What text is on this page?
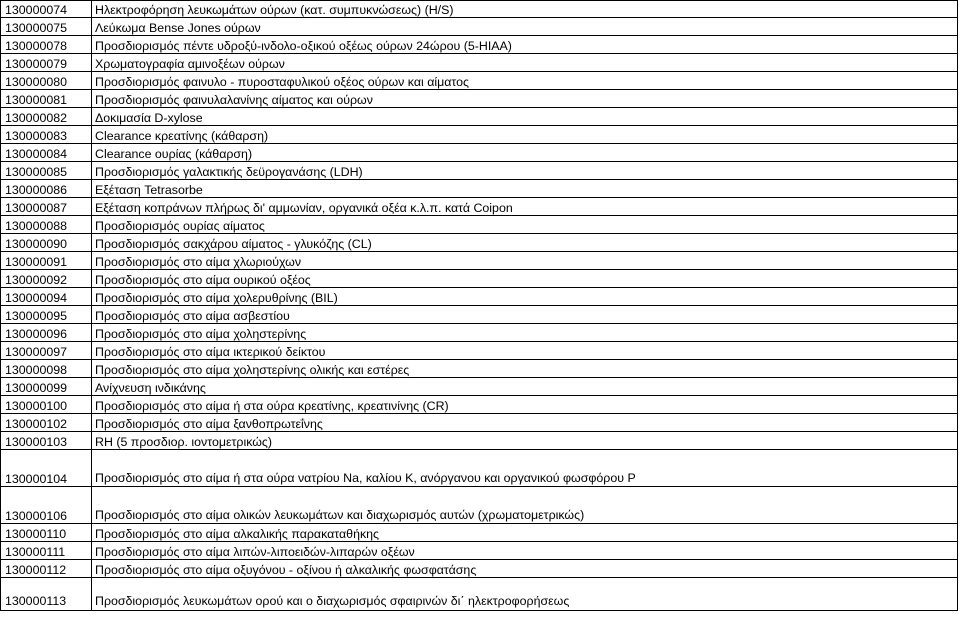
130000074	Ηλεκτροφόρηση λευκωμάτων ούρων (κατ. συμπυκνώσεως) (H/S)
130000075	Λεύκωμα Bense Jones ούρων
130000078	Προσδιορισμός πέντε υδροξύ-ινδολο-οξικού οξέως ούρων 24ώρου (5-HIAA)
130000079	Χρωματογραφία αμινοξέων ούρων
130000080	Προσδιορισμός φαινυλο - πυροσταφυλικού οξέος ούρων και αίματος
130000081	Προσδιορισμός φαινυλαλανίνης αίματος και ούρων
130000082	Δοκιμασία D-xylose
130000083	Clearance κρεατίνης (κάθαρση)
130000084	Clearance ουρίας (κάθαρση)
130000085	Προσδιορισμός γαλακτικής δεϋρογανάσης (LDH)
130000086	Εξέταση Tetrasorbe
130000087	Εξέταση κοπράνων πλήρως δι' αμμωνίαν, οργανικά οξέα κ.λ.π. κατά Coipon
130000088	Προσδιορισμός ουρίας αίματος
130000090	Προσδιορισμός σακχάρου αίματος - γλυκόζης (CL)
130000091	Προσδιορισμός στο αίμα χλωριούχων
130000092	Προσδιορισμός στο αίμα ουρικού οξέος
130000094	Προσδιορισμός στο αίμα χολερυθρίνης (BIL)
130000095	Προσδιορισμός στο αίμα ασβεστίου
130000096	Προσδιορισμός στο αίμα χοληστερίνης
130000097	Προσδιορισμός στο αίμα ικτερικού δείκτου
130000098	Προσδιορισμός στο αίμα χοληστερίνης ολικής και εστέρες
130000099	Ανίχνευση ινδικάνης
130000100	Προσδιορισμός στο αίμα ή στα ούρα κρεατίνης, κρεατινίνης (CR)
130000102	Προσδιορισμός στο αίμα ξανθοπρωτεΐνης
130000103	RH (5 προσδιορ. ιοντομετρικώς)
130000104	Προσδιορισμός στο αίμα ή στα ούρα νατρίου Na, καλίου K, ανόργανου και οργανικού φωσφόρου P
130000106	Προσδιορισμός στο αίμα ολικών λευκωμάτων και διαχωρισμός αυτών (χρωματομετρικώς)
130000110	Προσδιορισμός στο αίμα αλκαλικής παρακαταθήκης
130000111	Προσδιορισμός στο αίμα λιπών-λιποειδών-λιπαρών οξέων
130000112	Προσδιορισμός στο αίμα οξυγόνου - οξίνου ή αλκαλικής φωσφατάσης
130000113	Προσδιορισμός λευκωμάτων ορού και ο διαχωρισμός σφαιρινών δι΄ ηλεκτροφορήσεως
